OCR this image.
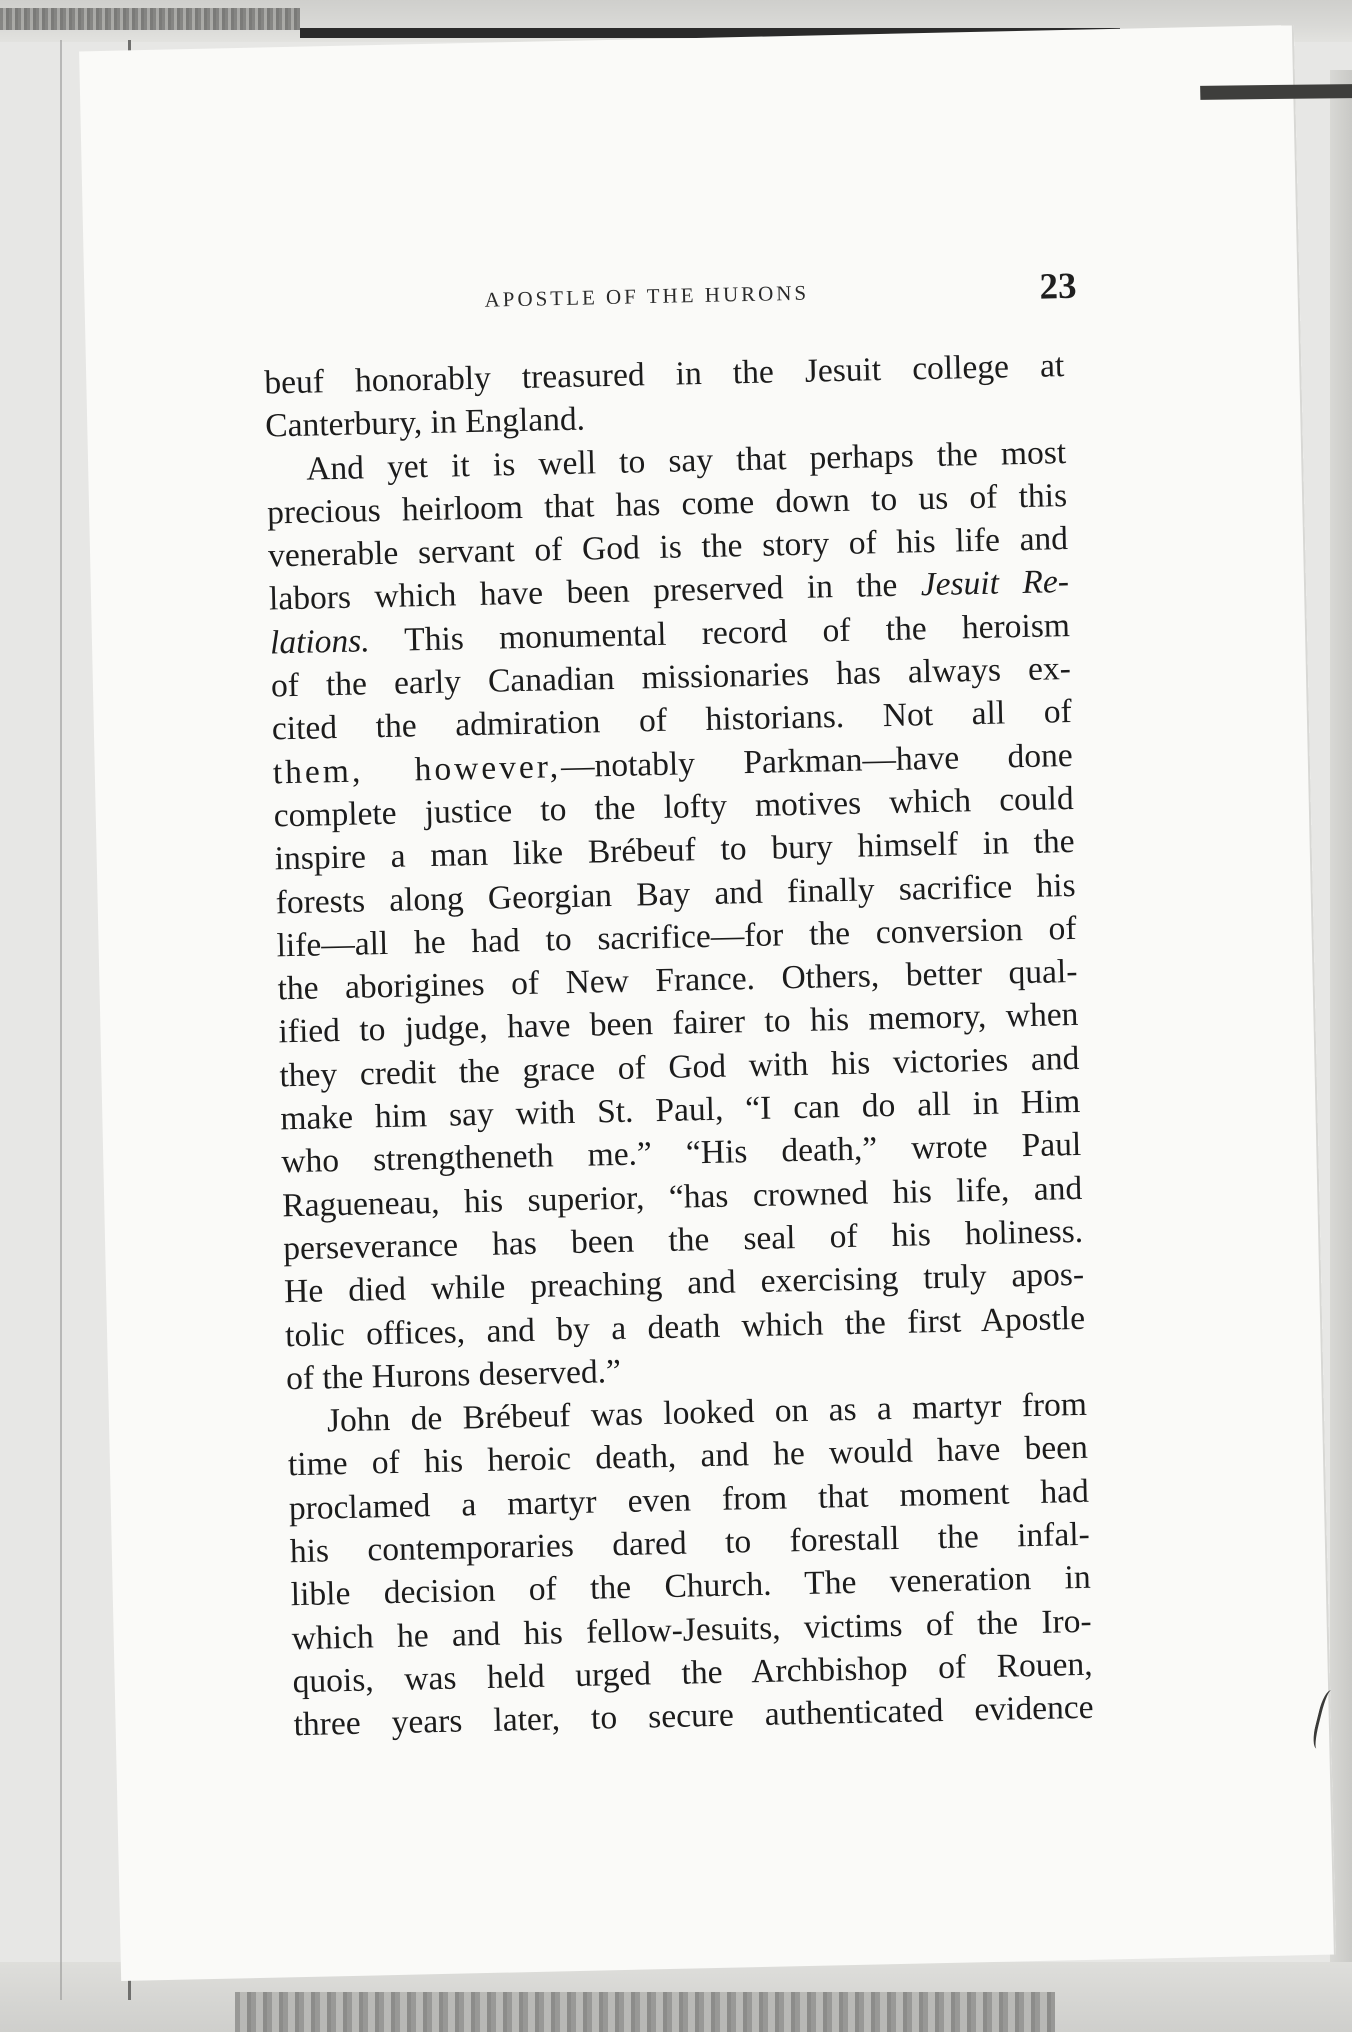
APOSTLE OF THE HURONS	23
beuf honorably treasured in the Jesuit college at
Canterbury, in England.
And yet it is well to say that perhaps the most
precious heirloom that has come down to us of this
venerable servant of God is the story of his life and
labors which have been preserved in the Jesuit Re-
lations. This monumental record of the heroism
of the early Canadian missionaries has always ex-
cited the admiration of historians. Not all of
them, however,—notably Parkman—have done
complete justice to the lofty motives which could
inspire a man like Brébeuf to bury himself in the
forests along Georgian Bay and finally sacrifice his
life—all he had to sacrifice—for the conversion of
the aborigines of New France. Others, better qual-
ified to judge, have been fairer to his memory, when
they credit the grace of God with his victories and
make him say with St. Paul, “I can do all in Him
who strengtheneth me.” “His death,” wrote Paul
Ragueneau, his superior, “has crowned his life, and
perseverance has been the seal of his holiness.
He died while preaching and exercising truly apos-
tolic offices, and by a death which the first Apostle
of the Hurons deserved.”
John de Brébeuf was looked on as a martyr from
time of his heroic death, and he would have been
proclamed a martyr even from that moment had
his contemporaries dared to forestall the infal-
lible decision of the Church. The veneration in
which he and his fellow-Jesuits, victims of the Iro-
quois, was held urged the Archbishop of Rouen,
three years later, to secure authenticated evidence
